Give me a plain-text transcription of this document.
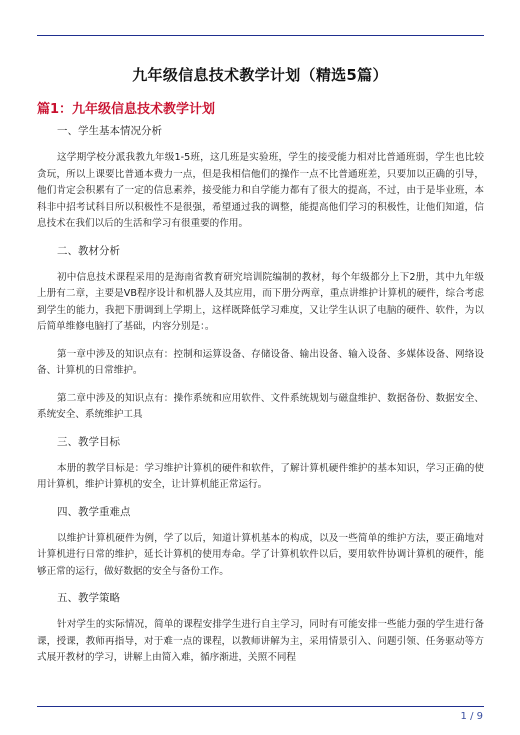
九年级信息技术教学计划（精选5篇）
篇1：九年级信息技术教学计划
一、学生基本情况分析

这学期学校分派我教九年级1-5班，这几班是实验班，学生的接受能力相对比普通班弱，学生也比较贪玩，所以上课要比普通本费力一点，但是我相信他们的操作一点不比普通班差，只要加以正确的引导，他们肯定会积累有了一定的信息素养，接受能力和自学能力都有了很大的提高，不过，由于是毕业班，本科非中招考试科目所以积极性不是很强，希望通过我的调整，能提高他们学习的积极性，让他们知道，信息技术在我们以后的生活和学习有很重要的作用。

二、教材分析

初中信息技术课程采用的是海南省教育研究培训院编制的教材，每个年级都分上下2册，其中九年级上册有二章，主要是VB程序设计和机器人及其应用，而下册分两章，重点讲维护计算机的硬件，综合考虑到学生的能力，我把下册调到上学期上，这样既降低学习难度，又让学生认识了电脑的硬件、软件，为以后简单维修电脑打了基础，内容分别是：。

第一章中涉及的知识点有：控制和运算设备、存储设备、输出设备、输入设备、多媒体设备、网络设备、计算机的日常维护。

第二章中涉及的知识点有：操作系统和应用软件、文件系统规划与磁盘维护、数据备份、数据安全、系统安全、系统维护工具

三、教学目标

本册的教学目标是：学习维护计算机的硬件和软件，了解计算机硬件维护的基本知识，学习正确的使用计算机，维护计算机的安全，让计算机能正常运行。

四、教学重难点

以维护计算机硬件为例，学了以后，知道计算机基本的构成，以及一些简单的维护方法，要正确地对计算机进行日常的维护，延长计算机的使用寿命。学了计算机软件以后，要用软件协调计算机的硬件，能够正常的运行，做好数据的安全与备份工作。

五、教学策略

针对学生的实际情况，简单的课程安排学生进行自主学习，同时有可能安排一些能力强的学生进行备课，授课，教师再指导，对于难一点的课程，以教师讲解为主，采用情景引入、问题引领、任务驱动等方式展开教材的学习，讲解上由简入难，循序渐进，关照不同程

1 / 9
